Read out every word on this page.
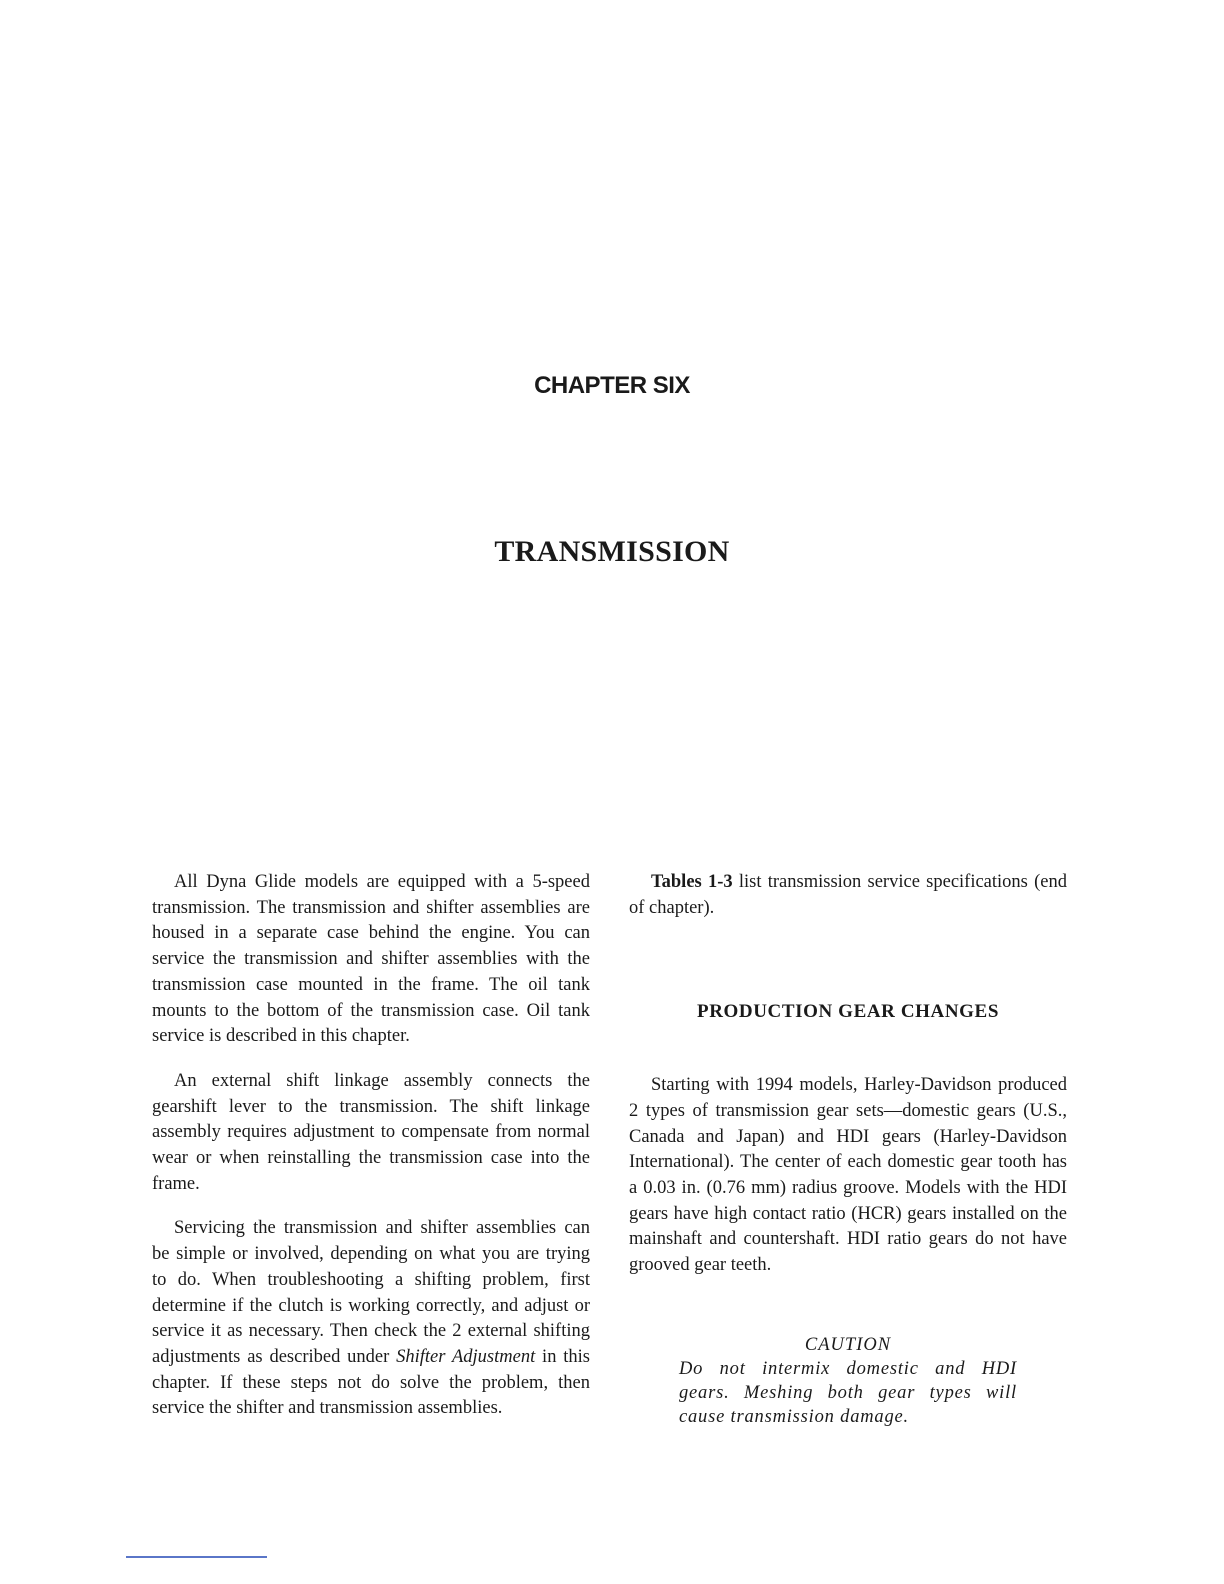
CHAPTER SIX
TRANSMISSION

All Dyna Glide models are equipped with a 5-speed transmission. The transmission and shifter assemblies are housed in a separate case behind the engine. You can service the transmission and shifter assemblies with the transmission case mounted in the frame. The oil tank mounts to the bottom of the transmission case. Oil tank service is described in this chapter.

An external shift linkage assembly connects the gearshift lever to the transmission. The shift linkage assembly requires adjustment to compensate from normal wear or when reinstalling the transmission case into the frame.

Servicing the transmission and shifter assemblies can be simple or involved, depending on what you are trying to do. When troubleshooting a shifting problem, first determine if the clutch is working correctly, and adjust or service it as necessary. Then check the 2 external shifting adjustments as described under Shifter Adjustment in this chapter. If these steps not do solve the problem, then service the shifter and transmission assemblies.

Tables 1-3 list transmission service specifications (end of chapter).

PRODUCTION GEAR CHANGES

Starting with 1994 models, Harley-Davidson produced 2 types of transmission gear sets—domestic gears (U.S., Canada and Japan) and HDI gears (Harley-Davidson International). The center of each domestic gear tooth has a 0.03 in. (0.76 mm) radius groove. Models with the HDI gears have high contact ratio (HCR) gears installed on the mainshaft and countershaft. HDI ratio gears do not have grooved gear teeth.

CAUTION
Do not intermix domestic and HDI gears. Meshing both gear types will cause transmission damage.
